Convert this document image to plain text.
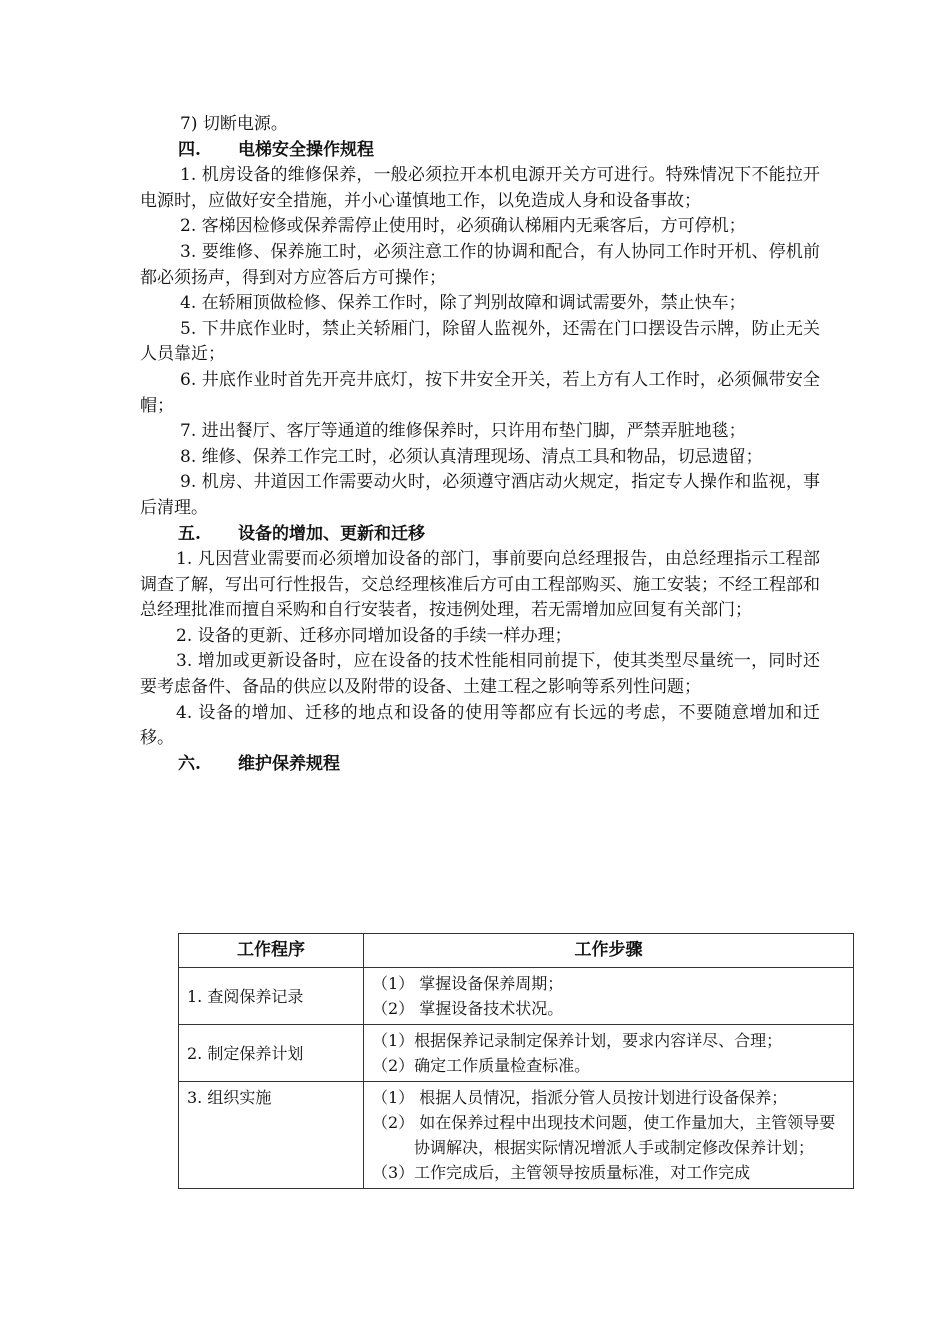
7) 切断电源。

四. 电梯安全操作规程

1. 机房设备的维修保养，一般必须拉开本机电源开关方可进行。特殊情况下不能拉开电源时，应做好安全措施，并小心谨慎地工作，以免造成人身和设备事故；

2. 客梯因检修或保养需停止使用时，必须确认梯厢内无乘客后，方可停机；

3. 要维修、保养施工时，必须注意工作的协调和配合，有人协同工作时开机、停机前都必须扬声，得到对方应答后方可操作；

4. 在轿厢顶做检修、保养工作时，除了判别故障和调试需要外，禁止快车；

5. 下井底作业时，禁止关轿厢门，除留人监视外，还需在门口摆设告示牌，防止无关人员靠近；

6. 井底作业时首先开亮井底灯，按下井安全开关，若上方有人工作时，必须佩带安全帽；

7. 进出餐厅、客厅等通道的维修保养时，只许用布垫门脚，严禁弄脏地毯；

8. 维修、保养工作完工时，必须认真清理现场、清点工具和物品，切忌遗留；

9. 机房、井道因工作需要动火时，必须遵守酒店动火规定，指定专人操作和监视，事后清理。

五. 设备的增加、更新和迁移

1. 凡因营业需要而必须增加设备的部门，事前要向总经理报告，由总经理指示工程部调查了解，写出可行性报告，交总经理核准后方可由工程部购买、施工安装；不经工程部和总经理批准而擅自采购和自行安装者，按违例处理，若无需增加应回复有关部门；

2. 设备的更新、迁移亦同增加设备的手续一样办理；

3. 增加或更新设备时，应在设备的技术性能相同前提下，使其类型尽量统一，同时还要考虑备件、备品的供应以及附带的设备、土建工程之影响等系列性问题；

4. 设备的增加、迁移的地点和设备的使用等都应有长远的考虑，不要随意增加和迁移。

六. 维护保养规程

工作程序	工作步骤
1. 查阅保养记录	（1） 掌握设备保养周期；
（2） 掌握设备技术状况。

2. 制定保养计划	（1）根据保养记录制定保养计划，要求内容详尽、合理；
（2）确定工作质量检查标准。

3. 组织实施	（1） 根据人员情况，指派分管人员按计划进行设备保养；
（2） 如在保养过程中出现技术问题，使工作量加大，主管领导要协调解决，根据实际情况增派人手或制定修改保养计划；
（3）工作完成后，主管领导按质量标准，对工作完成
